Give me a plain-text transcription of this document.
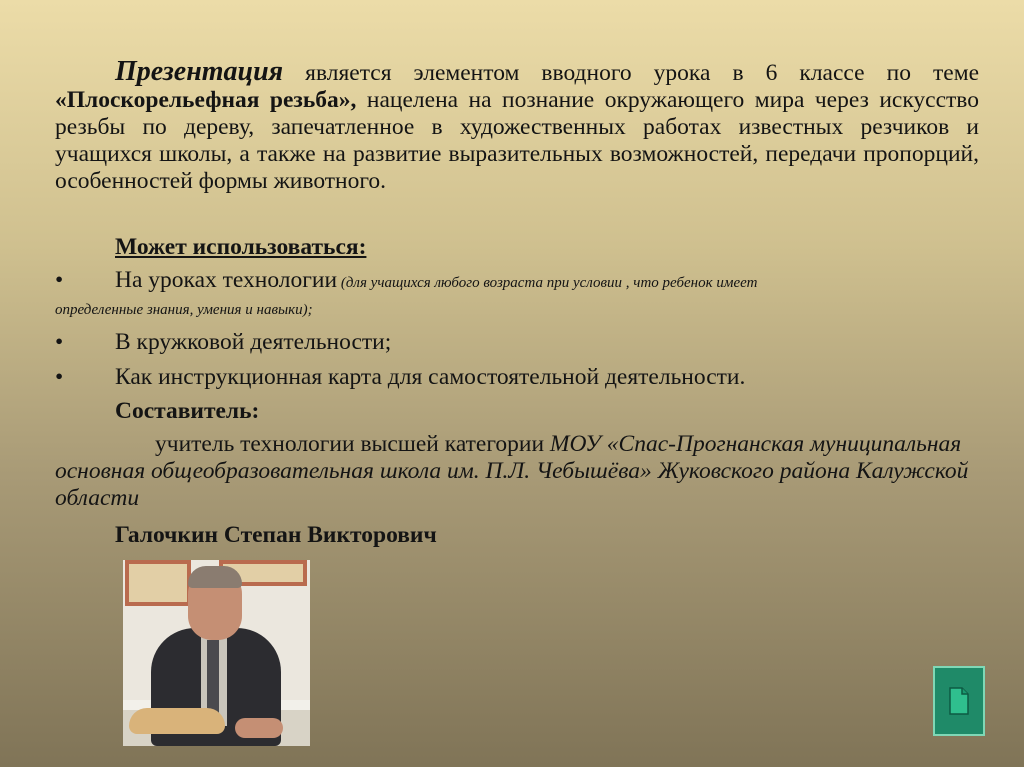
Презентация является элементом вводного урока в 6 классе по теме «Плоскорельефная резьба», нацелена на познание окружающего мира через искусство резьбы по дереву, запечатленное в художественных работах известных резчиков и учащихся школы, а также на развитие выразительных возможностей, передачи пропорций, особенностей формы животного.

Может использоваться:

•	На уроках технологии (для учащихся любого возраста при условии , что ребенок имеет
определенные знания, умения и навыки);

•	В кружковой деятельности;

•	Как инструкционная карта для самостоятельной деятельности.

Составитель:

учитель технологии высшей категории МОУ «Спас-Прогнанская муниципальная основная общеобразовательная школа им. П.Л. Чебышёва» Жуковского района Калужской области

Галочкин Степан Викторович
